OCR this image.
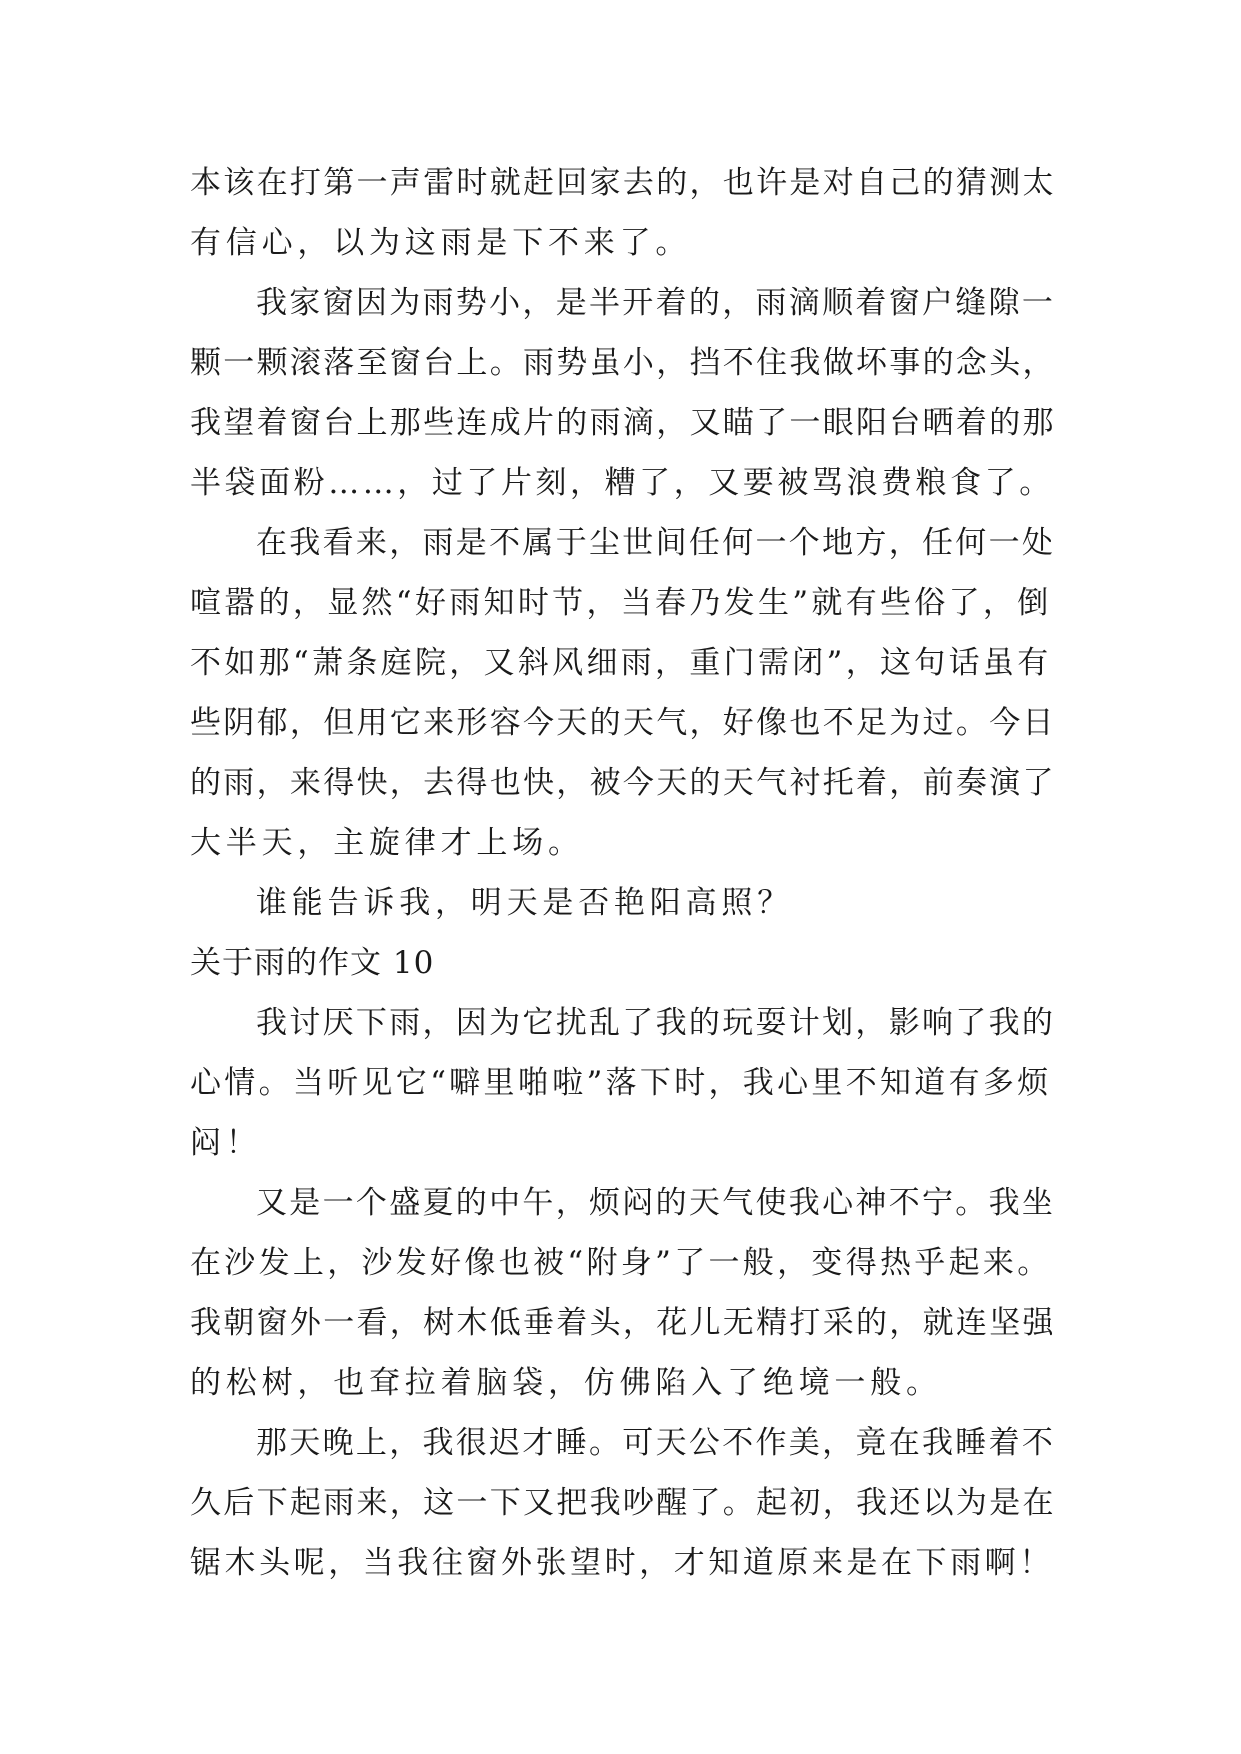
本该在打第一声雷时就赶回家去的，也许是对自己的猜测太
有信心，以为这雨是下不来了。
我家窗因为雨势小，是半开着的，雨滴顺着窗户缝隙一
颗一颗滚落至窗台上。雨势虽小，挡不住我做坏事的念头，
我望着窗台上那些连成片的雨滴，又瞄了一眼阳台晒着的那
半袋面粉……，过了片刻，糟了，又要被骂浪费粮食了。
在我看来，雨是不属于尘世间任何一个地方，任何一处
喧嚣的，显然“好雨知时节，当春乃发生”就有些俗了，倒
不如那“萧条庭院，又斜风细雨，重门需闭”，这句话虽有
些阴郁，但用它来形容今天的天气，好像也不足为过。今日
的雨，来得快，去得也快，被今天的天气衬托着，前奏演了
大半天，主旋律才上场。
谁能告诉我，明天是否艳阳高照？
关于雨的作文 10
我讨厌下雨，因为它扰乱了我的玩耍计划，影响了我的
心情。当听见它“噼里啪啦”落下时，我心里不知道有多烦
闷！
又是一个盛夏的中午，烦闷的天气使我心神不宁。我坐
在沙发上，沙发好像也被“附身”了一般，变得热乎起来。
我朝窗外一看，树木低垂着头，花儿无精打采的，就连坚强
的松树，也耷拉着脑袋，仿佛陷入了绝境一般。
那天晚上，我很迟才睡。可天公不作美，竟在我睡着不
久后下起雨来，这一下又把我吵醒了。起初，我还以为是在
锯木头呢，当我往窗外张望时，才知道原来是在下雨啊！
